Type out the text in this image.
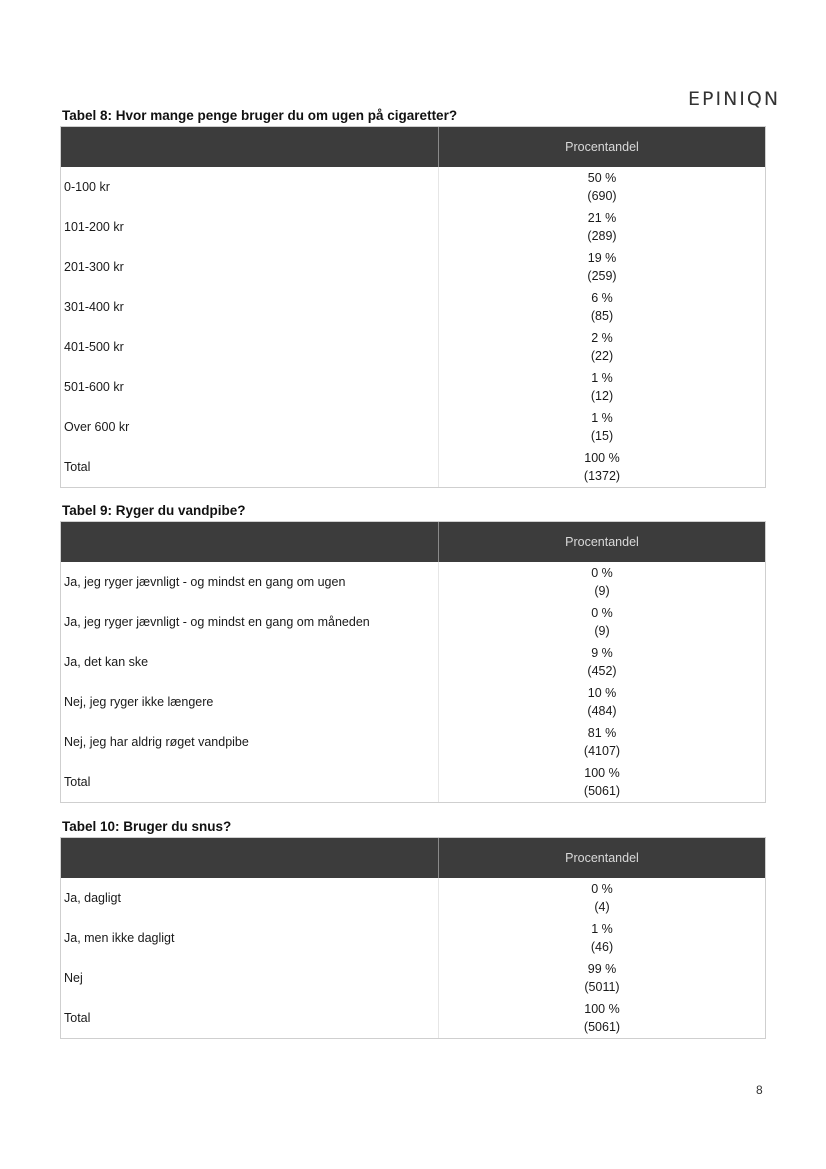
EPINIQN
Tabel 8: Hvor mange penge bruger du om ugen på cigaretter?
Procentandel
0-100 kr
50 %
(690)
101-200 kr
21 %
(289)
201-300 kr
19 %
(259)
301-400 kr
6 %
(85)
401-500 kr
2 %
(22)
501-600 kr
1 %
(12)
Over 600 kr
1 %
(15)
Total
100 %
(1372)
Tabel 9: Ryger du vandpibe?
Procentandel
Ja, jeg ryger jævnligt - og mindst en gang om ugen
0 %
(9)
Ja, jeg ryger jævnligt - og mindst en gang om måneden
0 %
(9)
Ja, det kan ske
9 %
(452)
Nej, jeg ryger ikke længere
10 %
(484)
Nej, jeg har aldrig røget vandpibe
81 %
(4107)
Total
100 %
(5061)
Tabel 10: Bruger du snus?
Procentandel
Ja, dagligt
0 %
(4)
Ja, men ikke dagligt
1 %
(46)
Nej
99 %
(5011)
Total
100 %
(5061)
8
